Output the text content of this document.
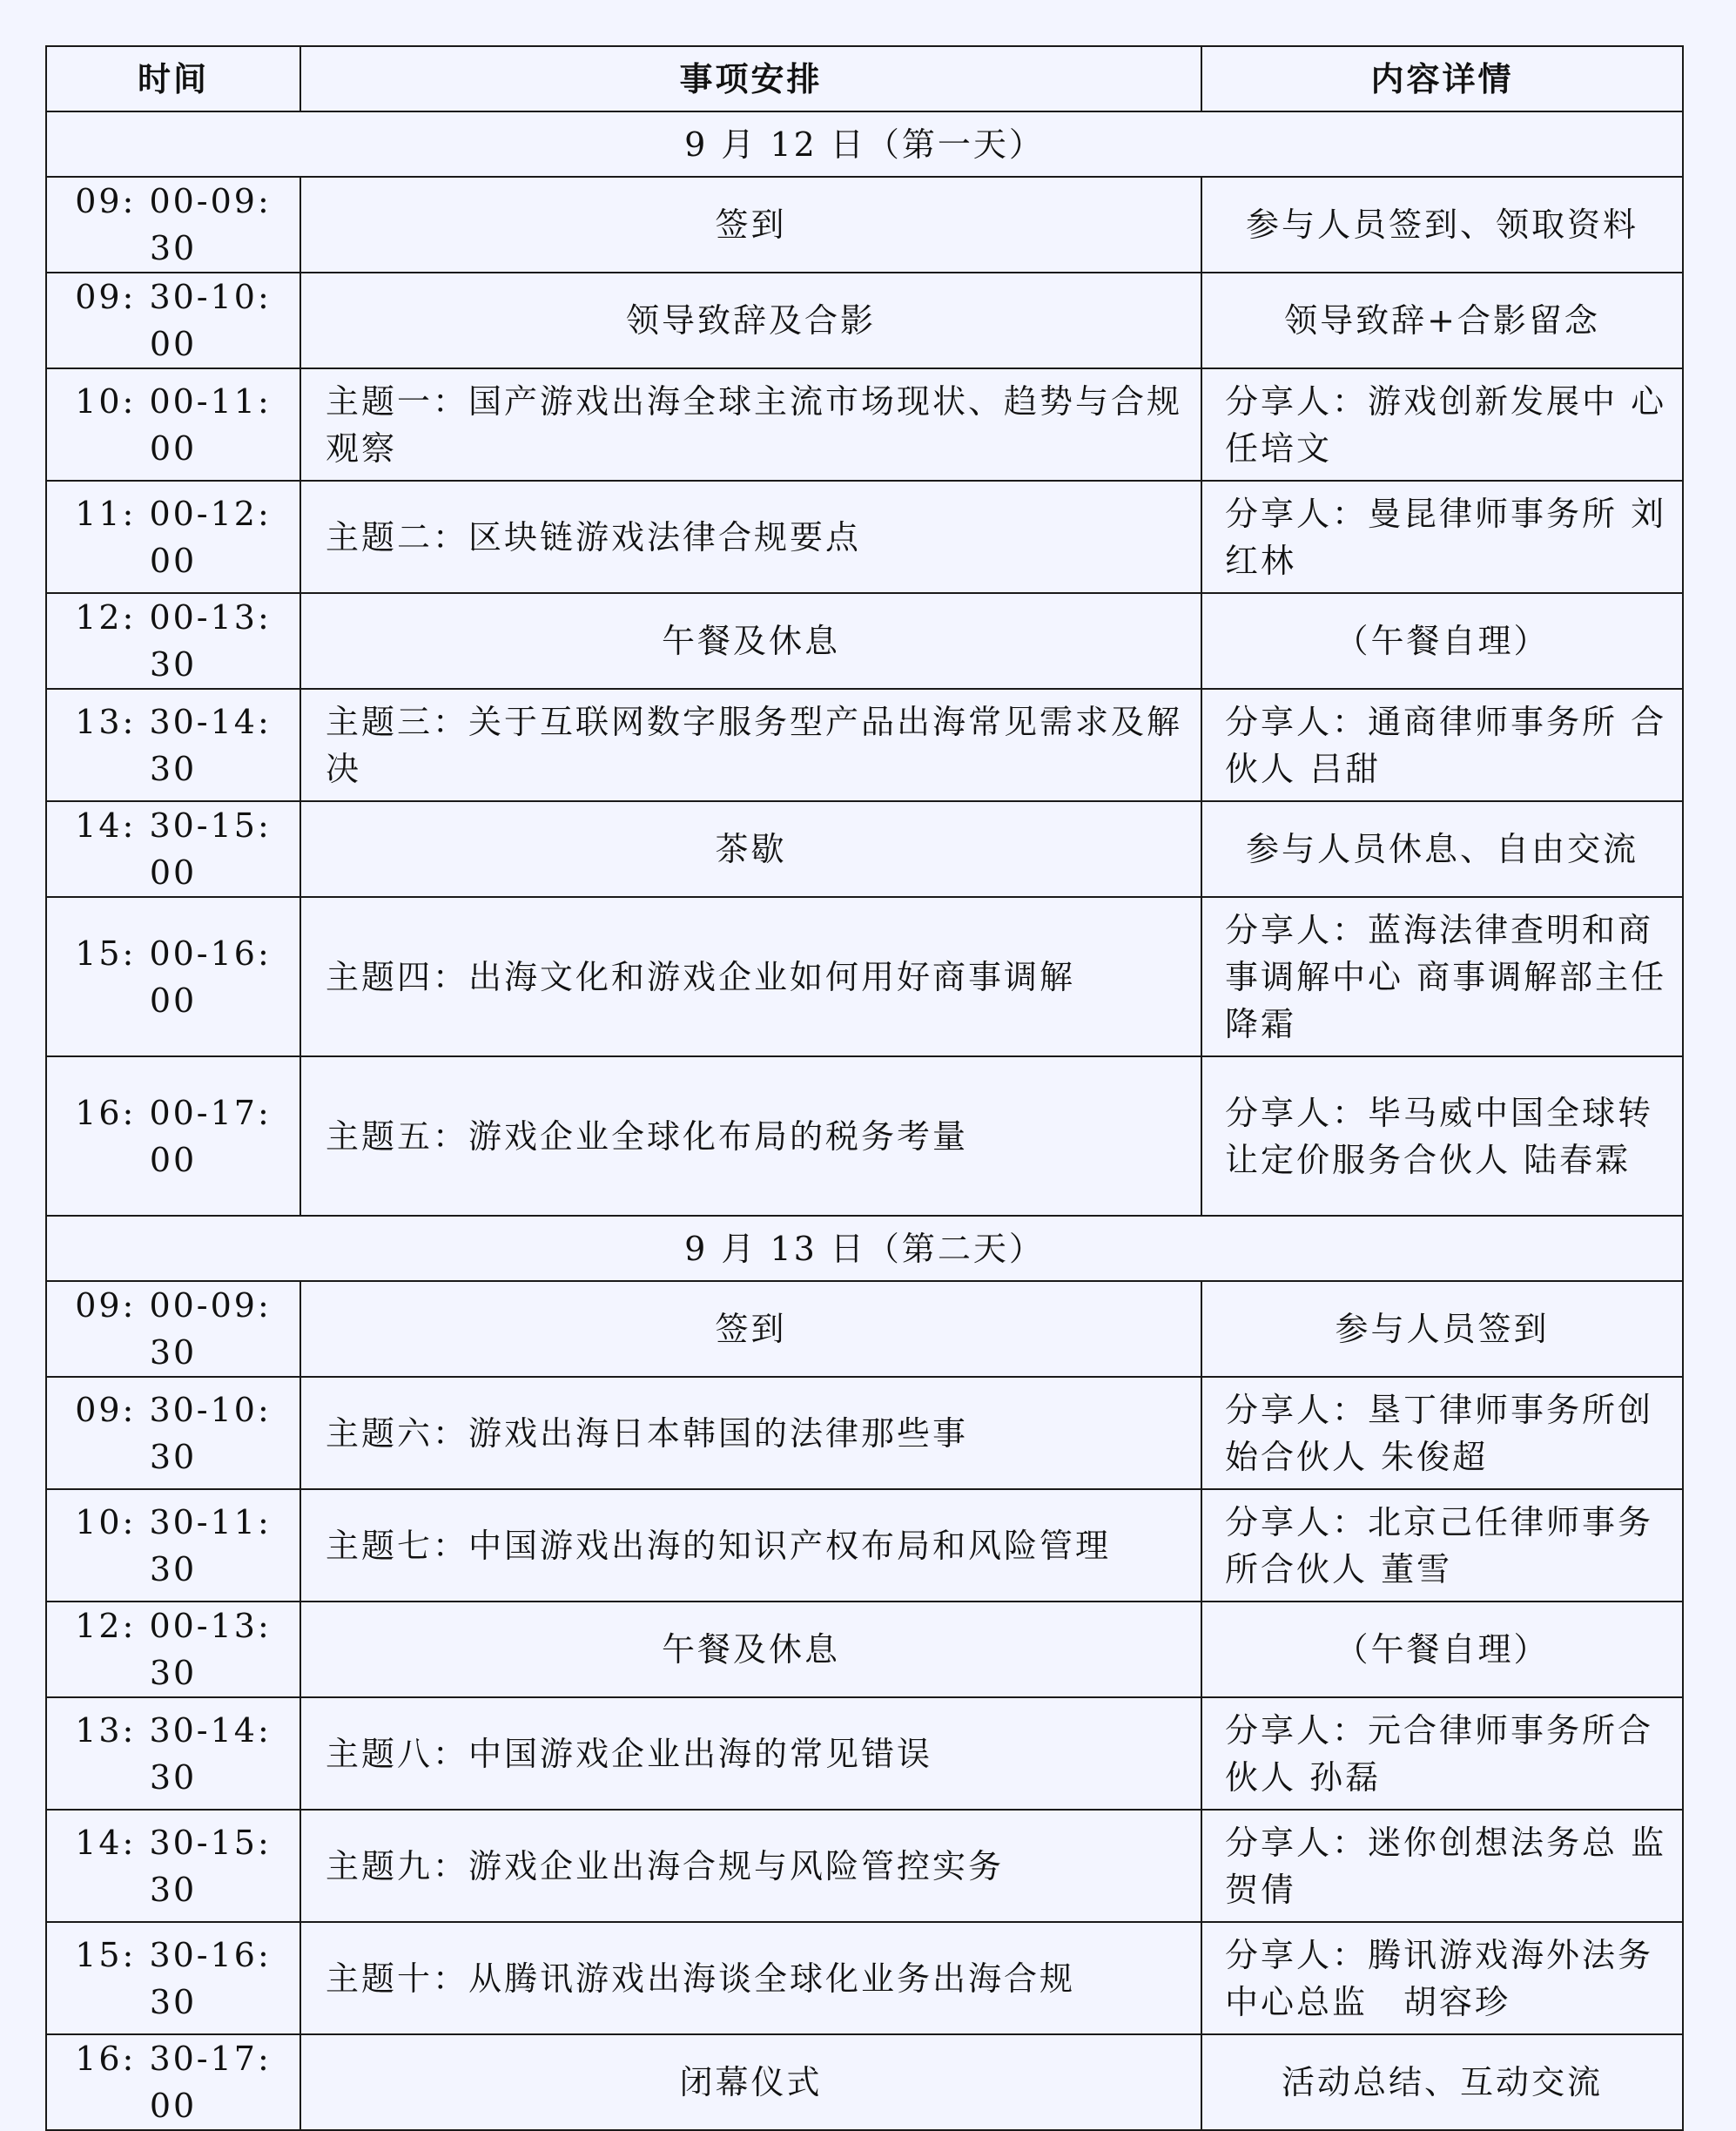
时间	事项安排	内容详情
9 月 12 日（第一天）		
09: 00-09: 30	签到	参与人员签到、领取资料
09: 30-10: 00	领导致辞及合影	领导致辞+合影留念
10: 00-11: 00	主题一：国产游戏出海全球主流市场现状、趋势与合规观察	分享人：游戏创新发展中 心　任培文
11: 00-12: 00	主题二：区块链游戏法律合规要点	分享人：曼昆律师事务所 刘红林
12: 00-13: 30	午餐及休息	（午餐自理）
13: 30-14: 30	主题三：关于互联网数字服务型产品出海常见需求及解决	分享人：通商律师事务所 合伙人 吕甜
14: 30-15: 00	茶歇	参与人员休息、自由交流
15: 00-16: 00	主题四：出海文化和游戏企业如何用好商事调解	分享人：蓝海法律查明和商事调解中心 商事调解部主任 降霜
16: 00-17: 00	主题五：游戏企业全球化布局的税务考量	分享人：毕马威中国全球转让定价服务合伙人 陆春霖
9 月 13 日（第二天）		
09: 00-09: 30	签到	参与人员签到
09: 30-10: 30	主题六：游戏出海日本韩国的法律那些事	分享人：垦丁律师事务所创始合伙人 朱俊超
10: 30-11: 30	主题七：中国游戏出海的知识产权布局和风险管理	分享人：北京己任律师事务所合伙人 董雪
12: 00-13: 30	午餐及休息	（午餐自理）
13: 30-14: 30	主题八：中国游戏企业出海的常见错误	分享人：元合律师事务所合伙人 孙磊
14: 30-15: 30	主题九：游戏企业出海合规与风险管控实务	分享人：迷你创想法务总 监贺倩
15: 30-16: 30	主题十：从腾讯游戏出海谈全球化业务出海合规	分享人：腾讯游戏海外法务中心总监　胡容珍
16: 30-17: 00	闭幕仪式	活动总结、互动交流
